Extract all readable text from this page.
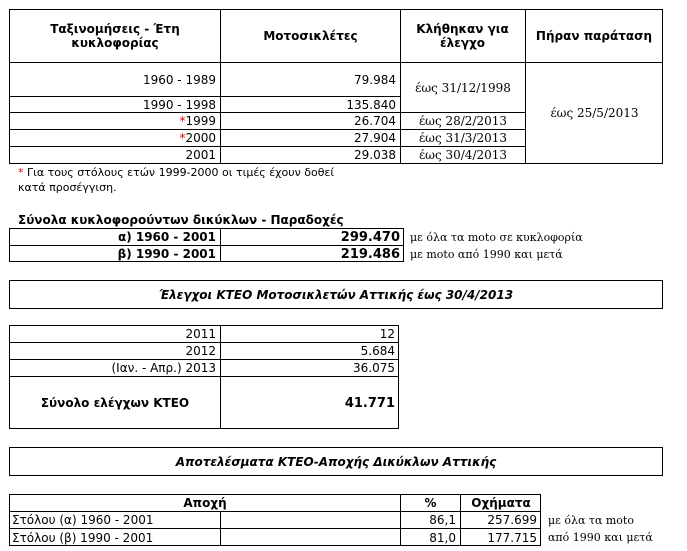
Ταξινομήσεις - Έτη κυκλοφορίας	Μοτοσικλέτες	Κλήθηκαν για έλεγχο	Πήραν παράταση
1960 - 1989	79.984
1990 - 1998	135.840
έως 31/12/1998
* 1999	26.704	έως 28/2/2013
* 2000	27.904	έως 31/3/2013
2001	29.038	έως 30/4/2013
έως 25/5/2013
* Για τους στόλους ετών 1999-2000 οι τιμές έχουν δοθεί
κατά προσέγγιση.
Σύνολα κυκλοφορούντων δικύκλων - Παραδοχές
α) 1960 - 2001	299.470 με όλα τα moto σε κυκλοφορία
β) 1990 - 2001	219.486 με moto από 1990 και μετά
Έλεγχοι ΚΤΕΟ Μοτοσικλετών Αττικής έως 30/4/2013
2011	12
2012	5.684
(Ιαν. - Απρ.) 2013	36.075
Σύνολο ελέγχων ΚΤΕΟ	41.771
Αποτελέσματα ΚΤΕΟ-Αποχής Δικύκλων Αττικής
Αποχή	%	Οχήματα
Στόλου (α) 1960 - 2001	86,1	257.699	με όλα τα moto
Στόλου (β) 1990 - 2001	81,0	177.715	από 1990 και μετά
